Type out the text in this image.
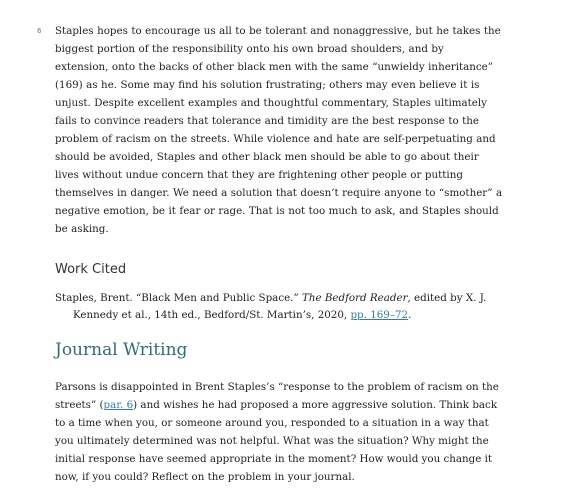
6 Staples hopes to encourage us all to be tolerant and nonaggressive, but he takes the
biggest portion of the responsibility onto his own broad shoulders, and by
extension, onto the backs of other black men with the same “unwieldy inheritance”
(169) as he. Some may find his solution frustrating; others may even believe it is
unjust. Despite excellent examples and thoughtful commentary, Staples ultimately
fails to convince readers that tolerance and timidity are the best response to the
problem of racism on the streets. While violence and hate are self-perpetuating and
should be avoided, Staples and other black men should be able to go about their
lives without undue concern that they are frightening other people or putting
themselves in danger. We need a solution that doesn’t require anyone to “smother” a
negative emotion, be it fear or rage. That is not too much to ask, and Staples should
be asking.

Work Cited

Staples, Brent. “Black Men and Public Space.” The Bedford Reader, edited by X. J.
Kennedy et al., 14th ed., Bedford/St. Martin’s, 2020, pp. 169–72.

Journal Writing

Parsons is disappointed in Brent Staples’s “response to the problem of racism on the
streets” (par. 6) and wishes he had proposed a more aggressive solution. Think back
to a time when you, or someone around you, responded to a situation in a way that
you ultimately determined was not helpful. What was the situation? Why might the
initial response have seemed appropriate in the moment? How would you change it
now, if you could? Reflect on the problem in your journal.
